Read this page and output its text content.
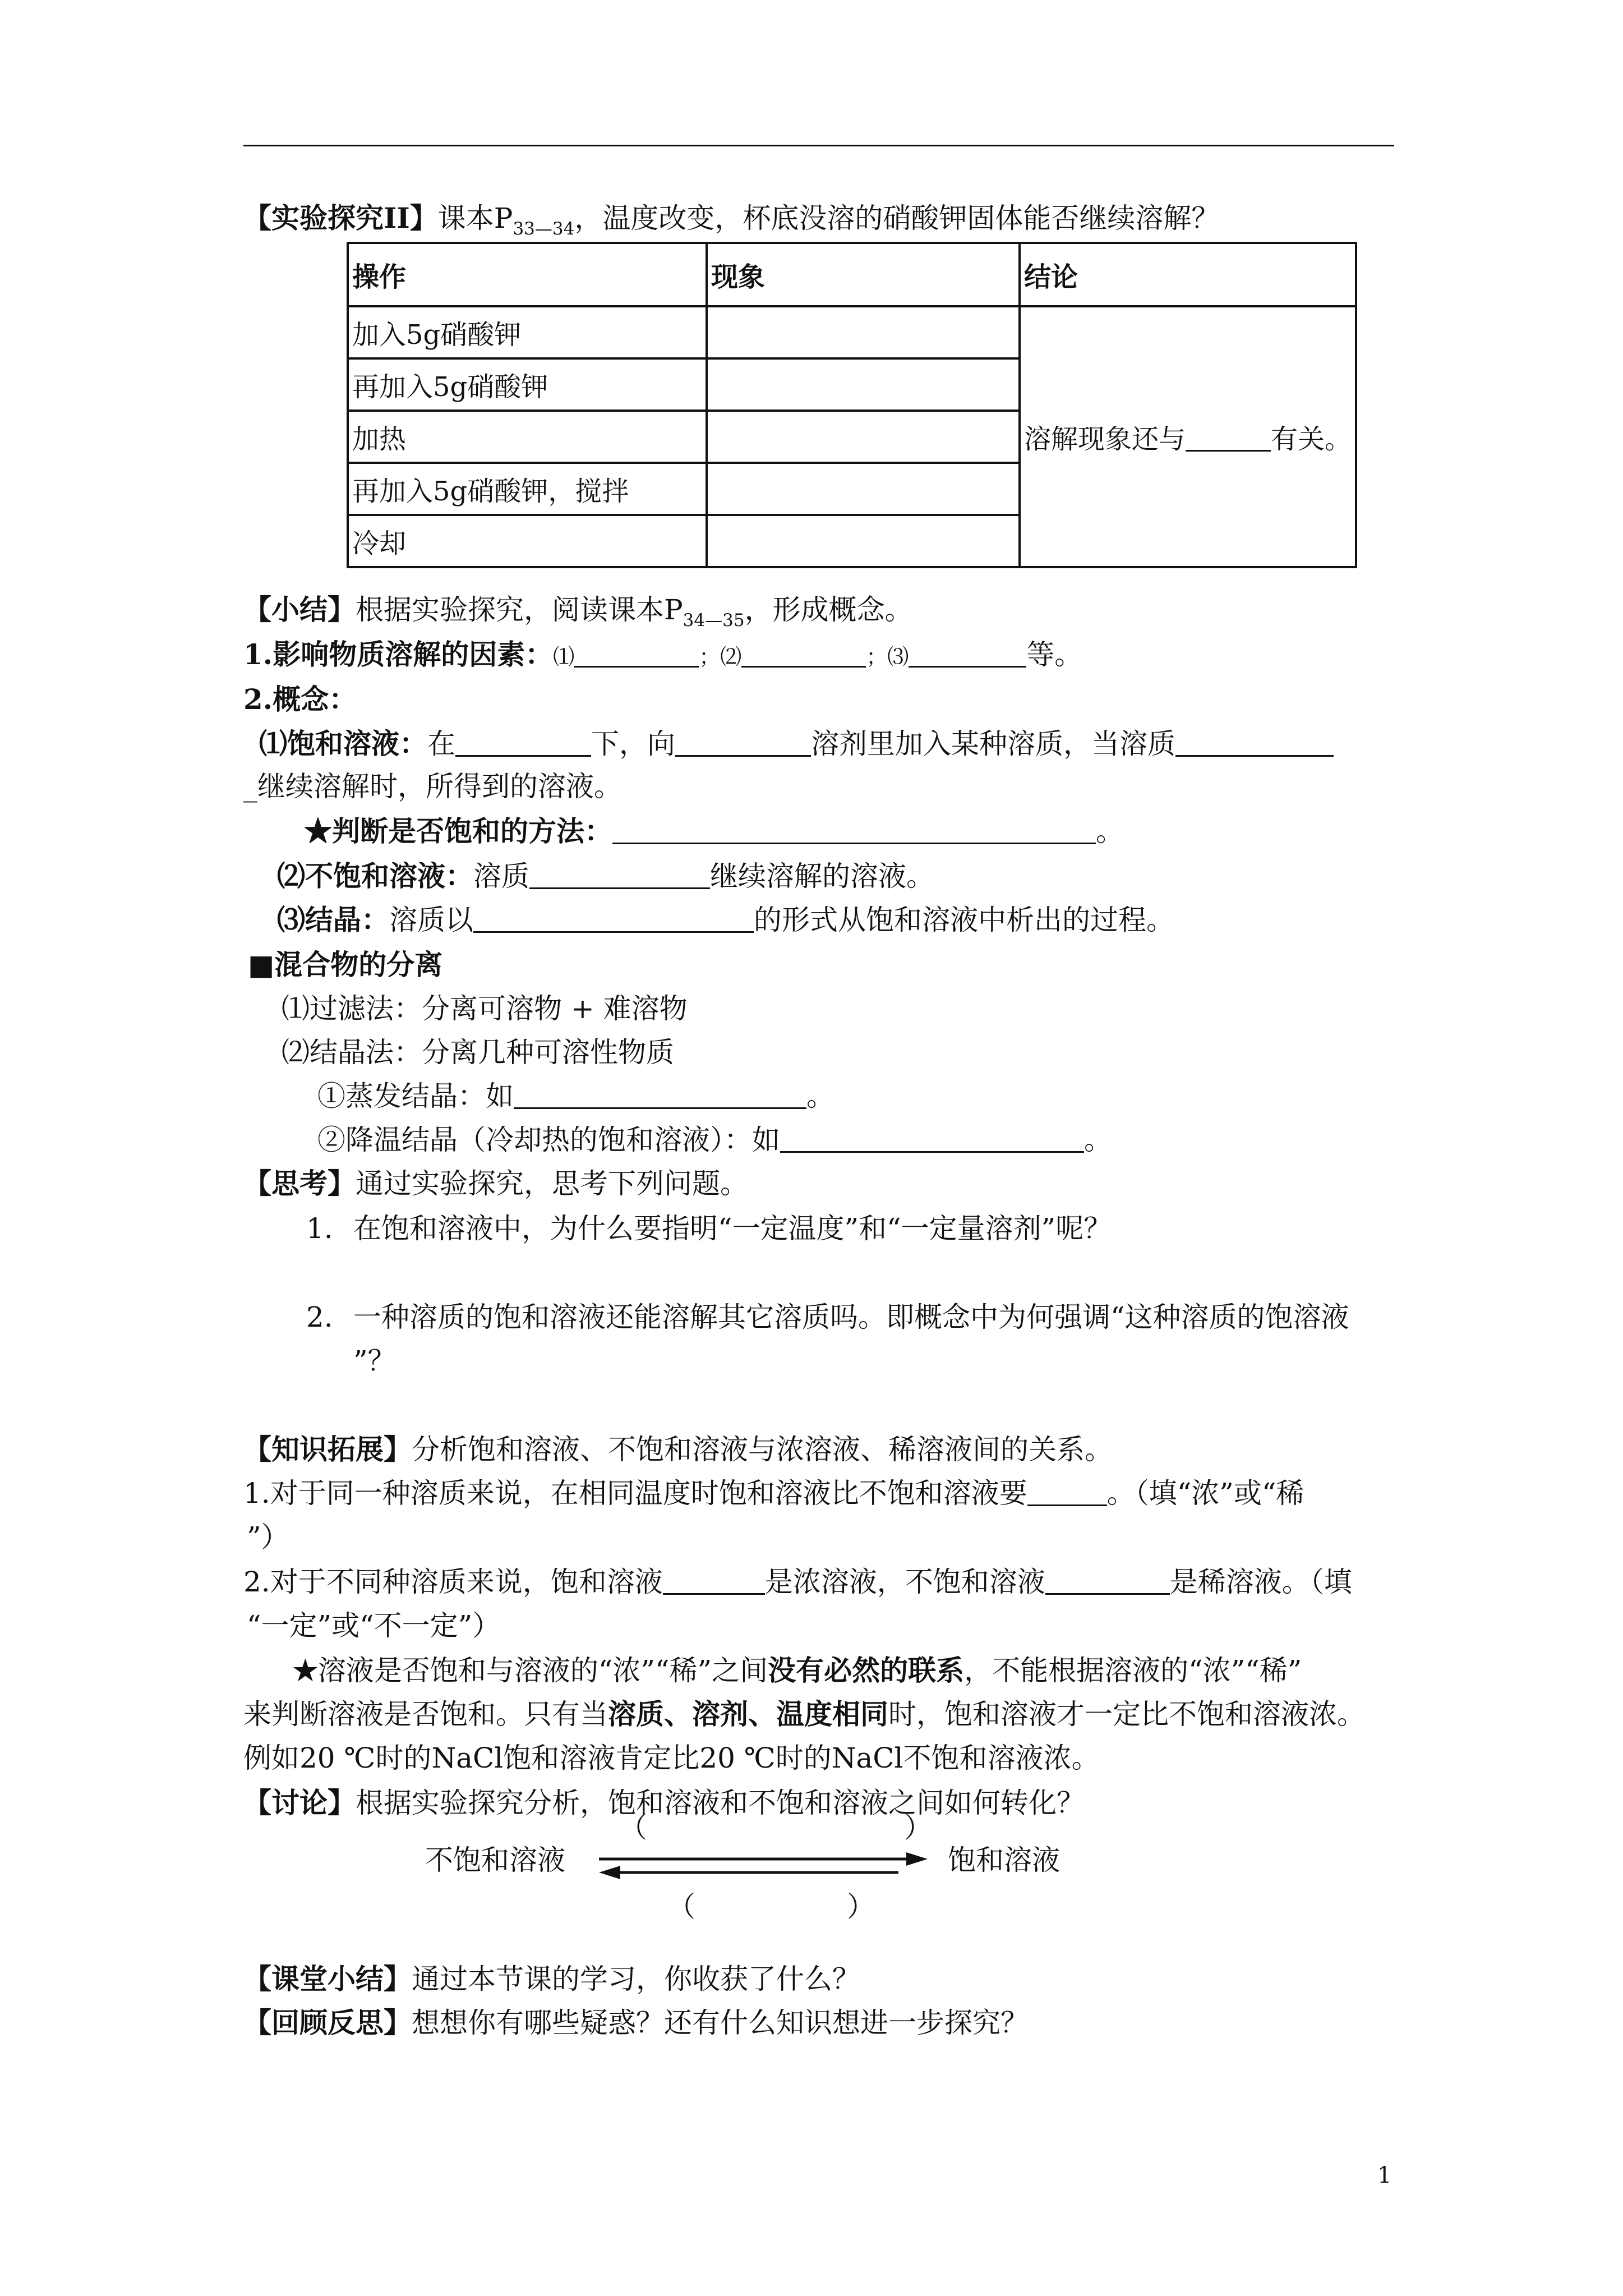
【实验探究II】课本$P_{33—34}$，温度改变，杯底没溶的硝酸钾固体能否继续溶解？
操作	现象	结论
加入5g硝酸钾		溶解现象还与 有关。
再加入5g硝酸钾		
加热		
再加入5g硝酸钾，搅拌		
冷却		
【小结】根据实验探究，阅读课本$P_{34—35}$，形成概念。
1.影响物质溶解的因素：⑴	；⑵	；⑶	等。
2.概念：
⑴饱和溶液：在	下，向	溶剂里加入某种溶质，当溶质
_继续溶解时，所得到的溶液。
★判断是否饱和的方法：	。
⑵不饱和溶液：溶质	继续溶解的溶液。
⑶结晶：溶质以	的形式从饱和溶液中析出的过程。
■混合物的分离
⑴过滤法：分离可溶物 + 难溶物
⑵结晶法：分离几种可溶性物质
①蒸发结晶：如	。
②降温结晶（冷却热的饱和溶液）：如	。
【思考】通过实验探究，思考下列问题。
1. 在饱和溶液中，为什么要指明“一定温度”和“一定量溶剂”呢？
2. 一种溶质的饱和溶液还能溶解其它溶质吗。即概念中为何强调“这种溶质的饱溶液
”？
【知识拓展】分析饱和溶液、不饱和溶液与浓溶液、稀溶液间的关系。
1.对于同一种溶质来说，在相同温度时饱和溶液比不饱和溶液要	。（填“浓”或“稀
”）
2.对于不同种溶质来说，饱和溶液	是浓溶液，不饱和溶液	是稀溶液。（填
“一定”或“不一定”）
★溶液是否饱和与溶液的“浓”“稀”之间没有必然的联系，不能根据溶液的“浓”“稀”
来判断溶液是否饱和。只有当溶质、溶剂、温度相同时，饱和溶液才一定比不饱和溶液浓。
例如20 ℃时的NaCl饱和溶液肯定比20 ℃时的NaCl不饱和溶液浓。
【讨论】根据实验探究分析，饱和溶液和不饱和溶液之间如何转化？
（	）
不饱和溶液	饱和溶液
（	）
【课堂小结】通过本节课的学习，你收获了什么？
【回顾反思】想想你有哪些疑惑？还有什么知识想进一步探究？
1
